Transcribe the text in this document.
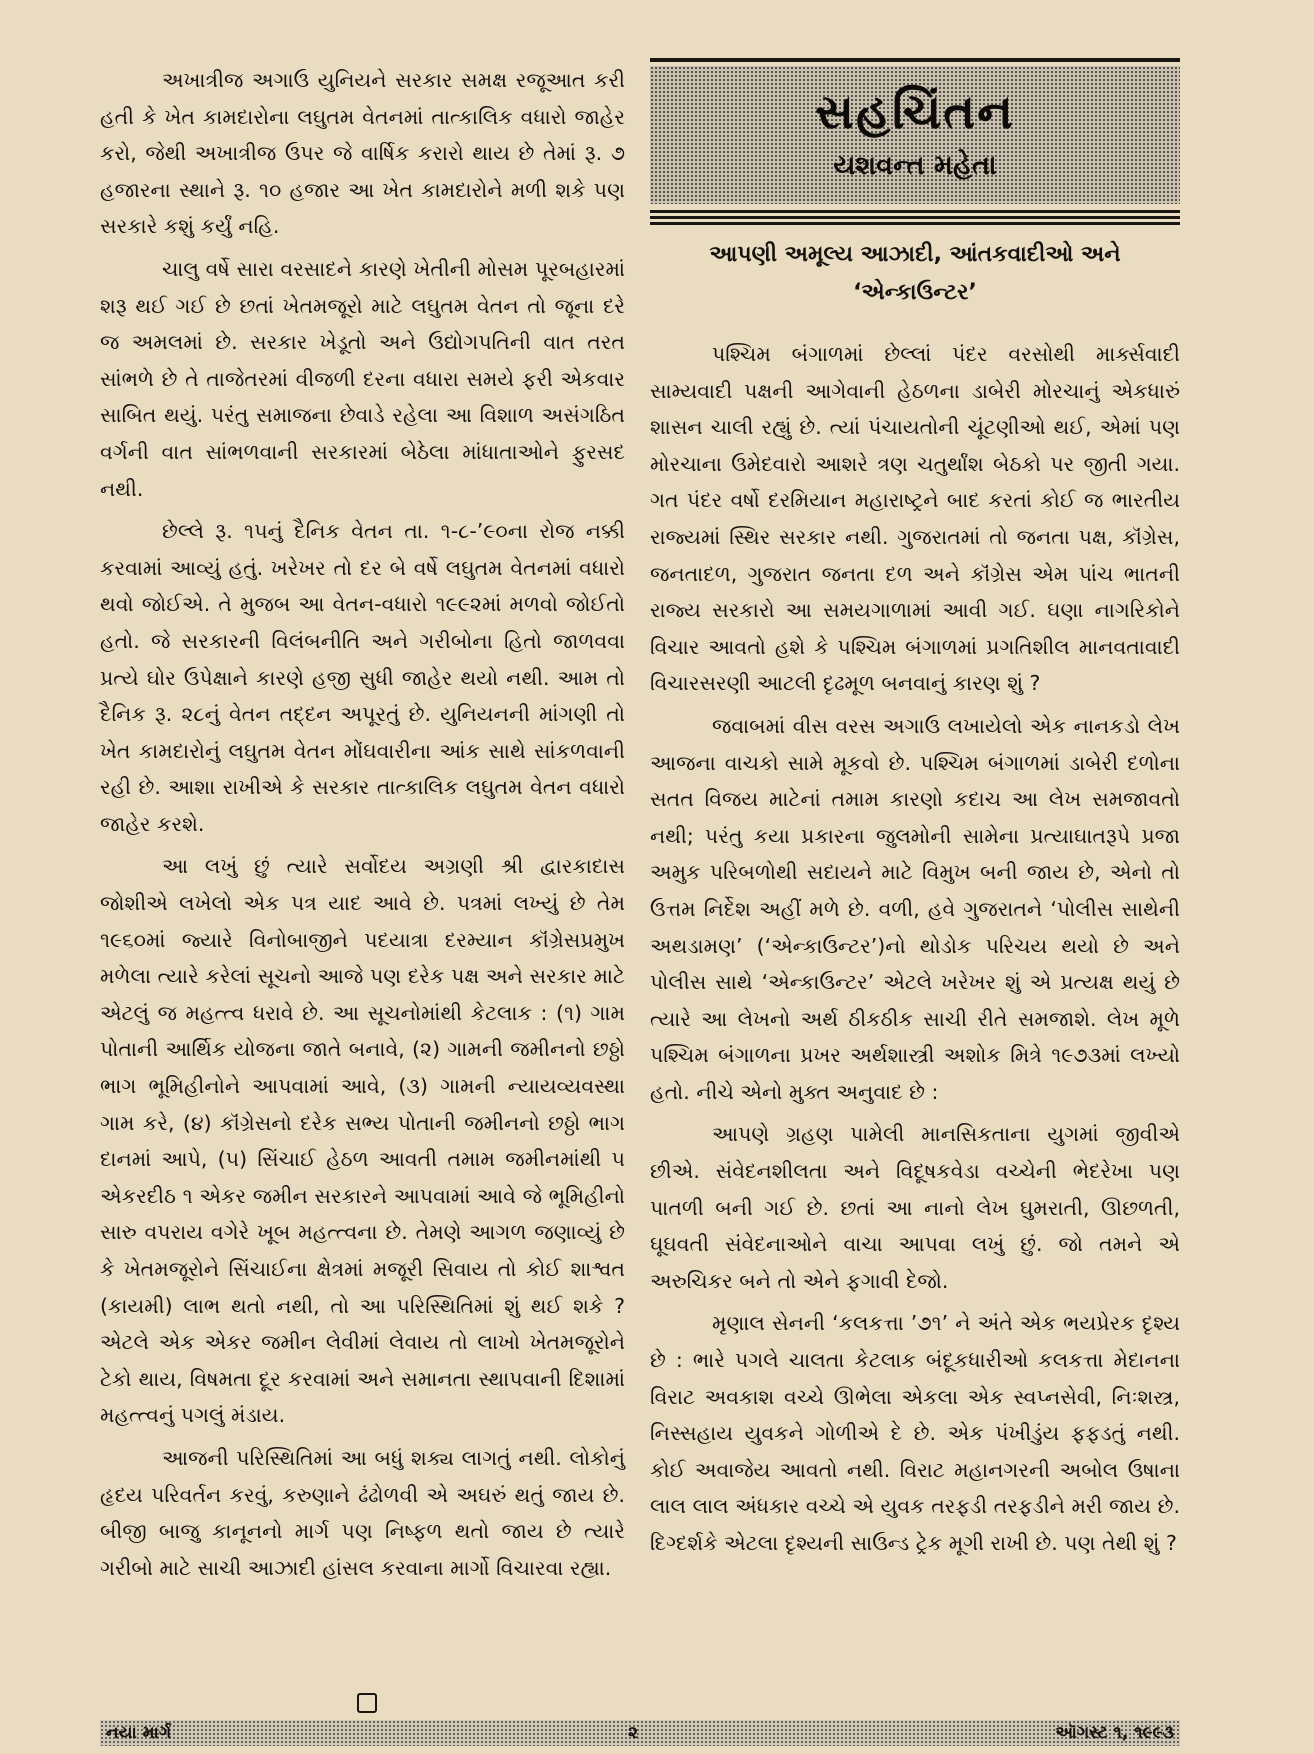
અખાત્રીજ અગાઉ યુનિયને સરકાર સમક્ષ રજૂઆત કરી હતી કે ખેત કામદારોના લઘુતમ વેતનમાં તાત્કાલિક વધારો જાહેર કરો, જેથી અખાત્રીજ ઉપર જે વાર્ષિક કરારો થાય છે તેમાં રૂ. ૭ હજારના સ્થાને રૂ. ૧૦ હજાર આ ખેત કામદારોને મળી શકે પણ સરકારે કશું કર્યું નહિ.

ચાલુ વર્ષે સારા વરસાદને કારણે ખેતીની મોસમ પૂરબહારમાં શરૂ થઈ ગઈ છે છતાં ખેતમજૂરો માટે લઘુતમ વેતન તો જૂના દરે જ અમલમાં છે. સરકાર ખેડૂતો અને ઉદ્યોગપતિની વાત તરત સાંભળે છે તે તાજેતરમાં વીજળી દરના વધારા સમયે ફરી એકવાર સાબિત થયું. પરંતુ સમાજના છેવાડે રહેલા આ વિશાળ અસંગઠિત વર્ગની વાત સાંભળવાની સરકારમાં બેઠેલા માંધાતાઓને ફુરસદ નથી.

છેલ્લે રૂ. ૧૫નું દૈનિક વેતન તા. ૧-૮-’૯૦ના રોજ નક્કી કરવામાં આવ્યું હતું. ખરેખર તો દર બે વર્ષે લઘુતમ વેતનમાં વધારો થવો જોઈએ. તે મુજબ આ વેતન-વધારો ૧૯૯૨માં મળવો જોઈતો હતો. જે સરકારની વિલંબનીતિ અને ગરીબોના હિતો જાળવવા પ્રત્યે ઘોર ઉપેક્ષાને કારણે હજી સુધી જાહેર થયો નથી. આમ તો દૈનિક રૂ. ૨૮નું વેતન તદ્દન અપૂરતું છે. યુનિયનની માંગણી તો ખેત કામદારોનું લઘુતમ વેતન મોંઘવારીના આંક સાથે સાંકળવાની રહી છે. આશા રાખીએ કે સરકાર તાત્કાલિક લઘુતમ વેતન વધારો જાહેર કરશે.

આ લખું છું ત્યારે સર્વોદય અગ્રણી શ્રી દ્વારકાદાસ જોશીએ લખેલો એક પત્ર યાદ આવે છે. પત્રમાં લખ્યું છે તેમ ૧૯૬૦માં જ્યારે વિનોબાજીને પદયાત્રા દરમ્યાન કૉંગ્રેસપ્રમુખ મળેલા ત્યારે કરેલાં સૂચનો આજે પણ દરેક પક્ષ અને સરકાર માટે એટલું જ મહત્ત્વ ધરાવે છે. આ સૂચનોમાંથી કેટલાક : (૧) ગામ પોતાની આર્થિક યોજના જાતે બનાવે, (૨) ગામની જમીનનો છઠ્ઠો ભાગ ભૂમિહીનોને આપવામાં આવે, (૩) ગામની ન્યાયવ્યવસ્થા ગામ કરે, (૪) કૉંગ્રેસનો દરેક સભ્ય પોતાની જમીનનો છઠ્ઠો ભાગ દાનમાં આપે, (૫) સિંચાઈ હેઠળ આવતી તમામ જમીનમાંથી ૫ એકરદીઠ ૧ એકર જમીન સરકારને આપવામાં આવે જે ભૂમિહીનો સારુ વપરાય વગેરે ખૂબ મહત્ત્વના છે. તેમણે આગળ જણાવ્યું છે કે ખેતમજૂરોને સિંચાઈના ક્ષેત્રમાં મજૂરી સિવાય તો કોઈ શાશ્વત (કાયમી) લાભ થતો નથી, તો આ પરિસ્થિતિમાં શું થઈ શકે ? એટલે એક એકર જમીન લેવીમાં લેવાય તો લાખો ખેતમજૂરોને ટેકો થાય, વિષમતા દૂર કરવામાં અને સમાનતા સ્થાપવાની દિશામાં મહત્ત્વનું પગલું મંડાય.

આજની પરિસ્થિતિમાં આ બધું શક્ય લાગતું નથી. લોકોનું હૃદય પરિવર્તન કરવું, કરુણાને ઢંઢોળવી એ અઘરું થતું જાય છે. બીજી બાજુ કાનૂનનો માર્ગ પણ નિષ્ફળ થતો જાય છે ત્યારે ગરીબો માટે સાચી આઝાદી હાંસલ કરવાના માર્ગો વિચારવા રહ્યા.

સહચિંતન
યશવન્ત મહેતા
આપણી અમૂલ્ય આઝાદી, આંતકવાદીઓ અને
‘એન્કાઉન્ટર’

પશ્ચિમ બંગાળમાં છેલ્લાં પંદર વરસોથી માર્ક્સવાદી સામ્યવાદી પક્ષની આગેવાની હેઠળના ડાબેરી મોરચાનું એકધારું શાસન ચાલી રહ્યું છે. ત્યાં પંચાયતોની ચૂંટણીઓ થઈ, એમાં પણ મોરચાના ઉમેદવારો આશરે ત્રણ ચતુર્થાંશ બેઠકો પર જીતી ગયા. ગત પંદર વર્ષો દરમિયાન મહારાષ્ટ્રને બાદ કરતાં કોઈ જ ભારતીય રાજ્યમાં સ્થિર સરકાર નથી. ગુજરાતમાં તો જનતા પક્ષ, કૉંગ્રેસ, જનતાદળ, ગુજરાત જનતા દળ અને કૉંગ્રેસ એમ પાંચ ભાતની રાજ્ય સરકારો આ સમયગાળામાં આવી ગઈ. ઘણા નાગરિકોને વિચાર આવતો હશે કે પશ્ચિમ બંગાળમાં પ્રગતિશીલ માનવતાવાદી વિચારસરણી આટલી દૃઢમૂળ બનવાનું કારણ શું ?

જવાબમાં વીસ વરસ અગાઉ લખાયેલો એક નાનકડો લેખ આજના વાચકો સામે મૂકવો છે. પશ્ચિમ બંગાળમાં ડાબેરી દળોના સતત વિજય માટેનાં તમામ કારણો કદાચ આ લેખ સમજાવતો નથી; પરંતુ કયા પ્રકારના જુલમોની સામેના પ્રત્યાઘાતરૂપે પ્રજા અમુક પરિબળોથી સદાયને માટે વિમુખ બની જાય છે, એનો તો ઉત્તમ નિર્દેશ અહીં મળે છે. વળી, હવે ગુજરાતને ‘પોલીસ સાથેની અથડામણ’ (‘એન્કાઉન્ટર’)નો થોડોક પરિચય થયો છે અને પોલીસ સાથે ‘એન્કાઉન્ટર’ એટલે ખરેખર શું એ પ્રત્યક્ષ થયું છે ત્યારે આ લેખનો અર્થ ઠીકઠીક સાચી રીતે સમજાશે. લેખ મૂળે પશ્ચિમ બંગાળના પ્રખર અર્થશાસ્ત્રી અશોક મિત્રે ૧૯૭૩માં લખ્યો હતો. નીચે એનો મુક્ત અનુવાદ છે :

આપણે ગ્રહણ પામેલી માનસિકતાના યુગમાં જીવીએ છીએ. સંવેદનશીલતા અને વિદૂષકવેડા વચ્ચેની ભેદરેખા પણ પાતળી બની ગઈ છે. છતાં આ નાનો લેખ ઘુમરાતી, ઊછળતી, ઘૂઘવતી સંવેદનાઓને વાચા આપવા લખું છું. જો તમને એ અરુચિકર બને તો એને ફગાવી દેજો.

મૃણાલ સેનની ‘કલકત્તા ’૭૧’ ને અંતે એક ભયપ્રેરક દૃશ્ય છે : ભારે પગલે ચાલતા કેટલાક બંદૂકધારીઓ કલકત્તા મેદાનના વિરાટ અવકાશ વચ્ચે ઊભેલા એકલા એક સ્વપ્નસેવી, નિઃશસ્ત્ર, નિસ્સહાય યુવકને ગોળીએ દે છે. એક પંખીડુંય ફફડતું નથી. કોઈ અવાજેય આવતો નથી. વિરાટ મહાનગરની અબોલ ઉષાના લાલ લાલ અંધકાર વચ્ચે એ યુવક તરફડી તરફડીને મરી જાય છે. દિગ્દર્શકે એટલા દૃશ્યની સાઉન્ડ ટ્રેક મૂગી રાખી છે. પણ તેથી શું ?

નયા માર્ગ	૨	ઑગસ્ટ ૧, ૧૯૯૩
